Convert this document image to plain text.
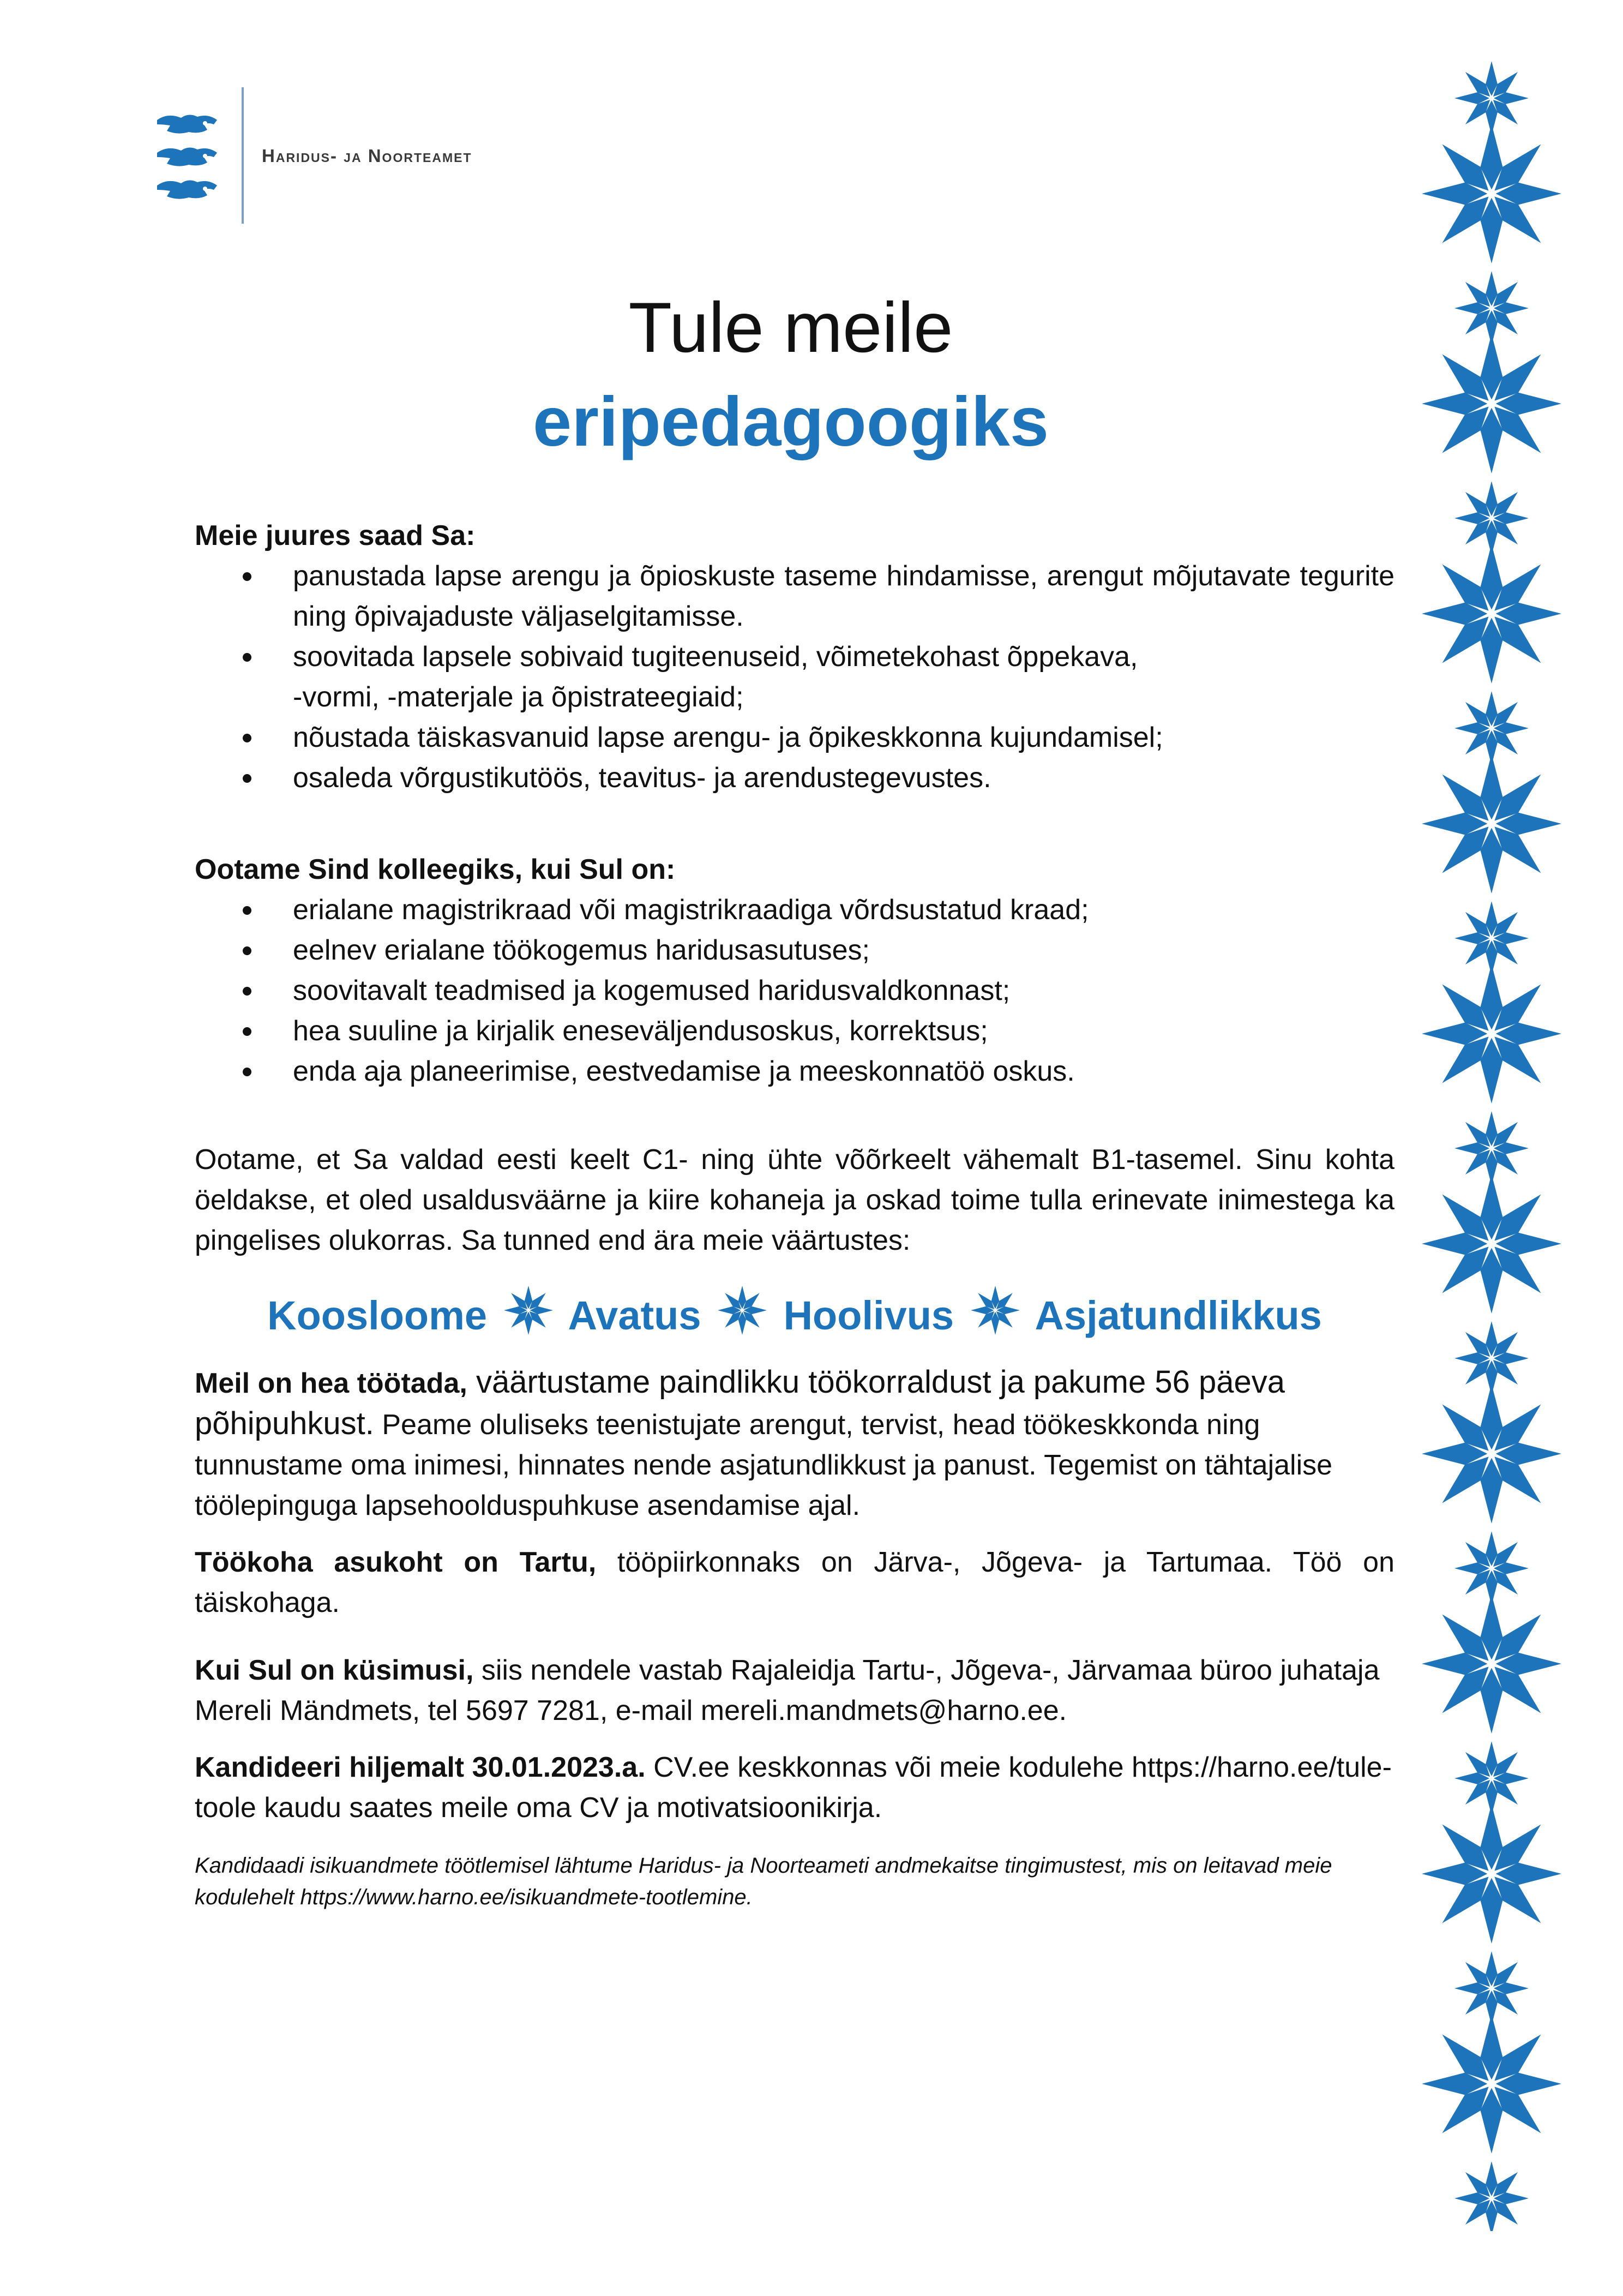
Haridus- ja Noorteamet
Tule meile
eripedagoogiks

Meie juures saad Sa:

panustada lapse arengu ja õpioskuste taseme hindamisse, arengut mõjutavate tegurite ning õpivajaduste väljaselgitamisse.
soovitada lapsele sobivaid tugiteenuseid, võimetekohast õppekava,
-vormi, -materjale ja õpistrateegiaid;
nõustada täiskasvanuid lapse arengu- ja õpikeskkonna kujundamisel;
osaleda võrgustikutöös, teavitus- ja arendustegevustes.

Ootame Sind kolleegiks, kui Sul on:

erialane magistrikraad või magistrikraadiga võrdsustatud kraad;
eelnev erialane töökogemus haridusasutuses;
soovitavalt teadmised ja kogemused haridusvaldkonnast;
hea suuline ja kirjalik eneseväljendusoskus, korrektsus;
enda aja planeerimise, eestvedamise ja meeskonnatöö oskus.

Ootame, et Sa valdad eesti keelt C1- ning ühte võõrkeelt vähemalt B1-tasemel. Sinu kohta öeldakse, et oled usaldusväärne ja kiire kohaneja ja oskad toime tulla erinevate inimestega ka pingelises olukorras. Sa tunned end ära meie väärtustes:

Koosloome Avatus Hoolivus Asjatundlikkus

Meil on hea töötada, väärtustame paindlikku töökorraldust ja pakume 56 päeva põhipuhkust. Peame oluliseks teenistujate arengut, tervist, head töökeskkonda ning tunnustame oma inimesi, hinnates nende asjatundlikkust ja panust. Tegemist on tähtajalise töölepinguga lapsehoolduspuhkuse asendamise ajal.

Töökoha asukoht on Tartu, tööpiirkonnaks on Järva-, Jõgeva- ja Tartumaa. Töö on täiskohaga.

Kui Sul on küsimusi, siis nendele vastab Rajaleidja Tartu-, Jõgeva-, Järvamaa büroo juhataja Mereli Mändmets, tel 5697 7281, e-mail mereli.mandmets@harno.ee.

Kandideeri hiljemalt 30.01.2023.a. CV.ee keskkonnas või meie kodulehe https://harno.ee/tule-toole kaudu saates meile oma CV ja motivatsioonikirja.

Kandidaadi isikuandmete töötlemisel lähtume Haridus- ja Noorteameti andmekaitse tingimustest, mis on leitavad meie kodulehelt https://www.harno.ee/isikuandmete-tootlemine.
